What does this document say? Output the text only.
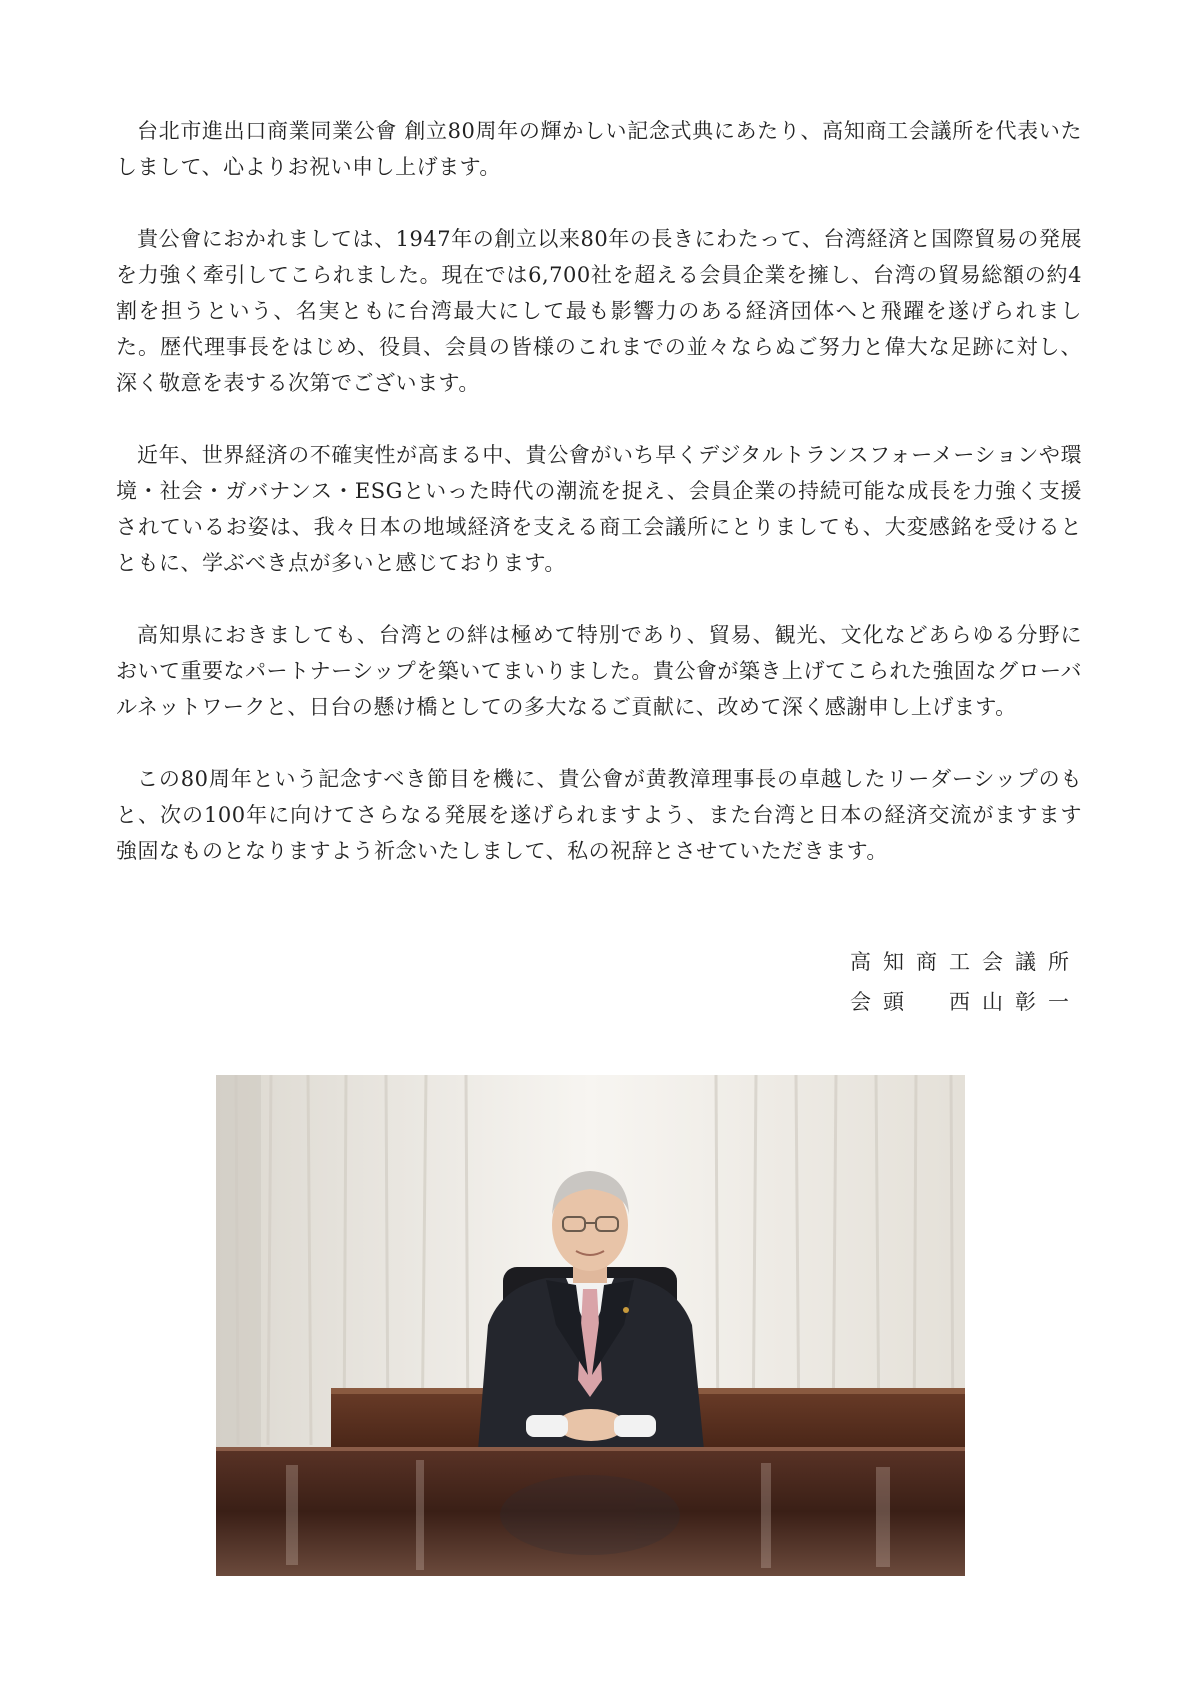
台北市進出口商業同業公會 創立80周年の輝かしい記念式典にあたり、高知商工会議所を代表いたしまして、心よりお祝い申し上げます。

貴公會におかれましては、1947年の創立以来80年の長きにわたって、台湾経済と国際貿易の発展を力強く牽引してこられました。現在では6,700社を超える会員企業を擁し、台湾の貿易総額の約4割を担うという、名実ともに台湾最大にして最も影響力のある経済団体へと飛躍を遂げられました。歴代理事長をはじめ、役員、会員の皆様のこれまでの並々ならぬご努力と偉大な足跡に対し、深く敬意を表する次第でございます。

近年、世界経済の不確実性が高まる中、貴公會がいち早くデジタルトランスフォーメーションや環境・社会・ガバナンス・ESGといった時代の潮流を捉え、会員企業の持続可能な成長を力強く支援されているお姿は、我々日本の地域経済を支える商工会議所にとりましても、大変感銘を受けるとともに、学ぶべき点が多いと感じております。

高知県におきましても、台湾との絆は極めて特別であり、貿易、観光、文化などあらゆる分野において重要なパートナーシップを築いてまいりました。貴公會が築き上げてこられた強固なグローバルネットワークと、日台の懸け橋としての多大なるご貢献に、改めて深く感謝申し上げます。

この80周年という記念すべき節目を機に、貴公會が黄教漳理事長の卓越したリーダーシップのもと、次の100年に向けてさらなる発展を遂げられますよう、また台湾と日本の経済交流がますます強固なものとなりますよう祈念いたしまして、私の祝辞とさせていただきます。

高知商工会議所
会頭　西山彰一
